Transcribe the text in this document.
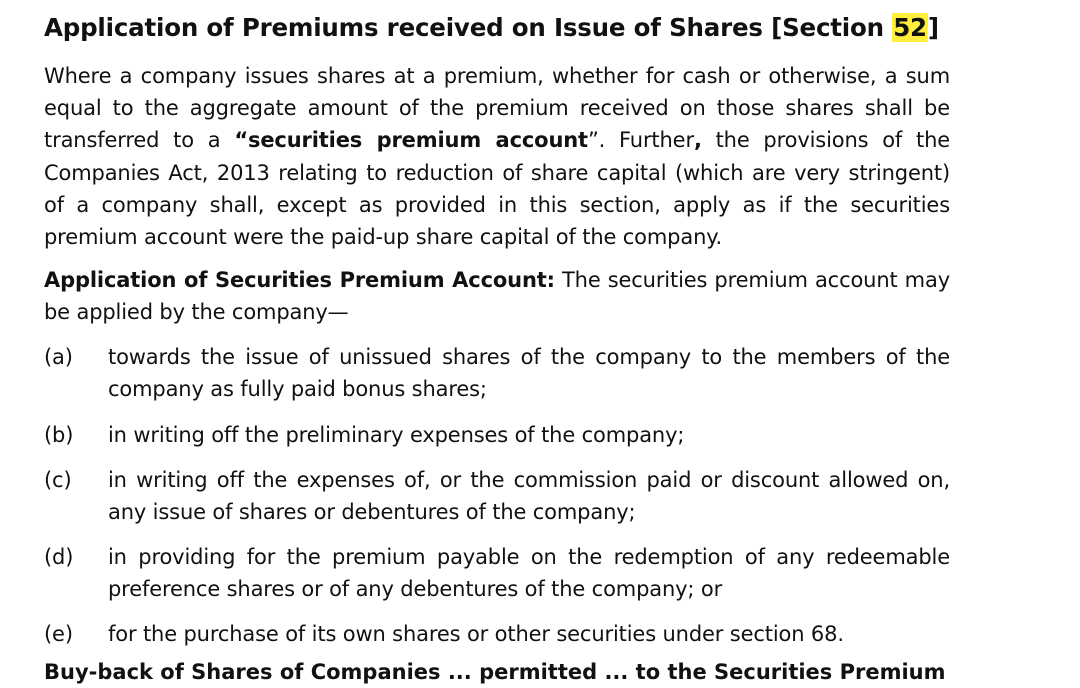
Application of Premiums received on Issue of Shares [Section 52]
Where a company issues shares at a premium, whether for cash or otherwise, a sum equal to the aggregate amount of the premium received on those shares shall be transferred to a “securities premium account”. Further, the provisions of the Companies Act, 2013 relating to reduction of share capital (which are very stringent) of a company shall, except as provided in this section, apply as if the securities premium account were the paid-up share capital of the company.
Application of Securities Premium Account: The securities premium account may be applied by the company—
(a)	towards the issue of unissued shares of the company to the members of the company as fully paid bonus shares;
(b)	in writing off the preliminary expenses of the company;
(c)	in writing off the expenses of, or the commission paid or discount allowed on, any issue of shares or debentures of the company;
(d)	in providing for the premium payable on the redemption of any redeemable preference shares or of any debentures of the company; or
(e)	for the purchase of its own shares or other securities under section 68.
Buy-back of Shares of Companies ... permitted ... to the Securities Premium
